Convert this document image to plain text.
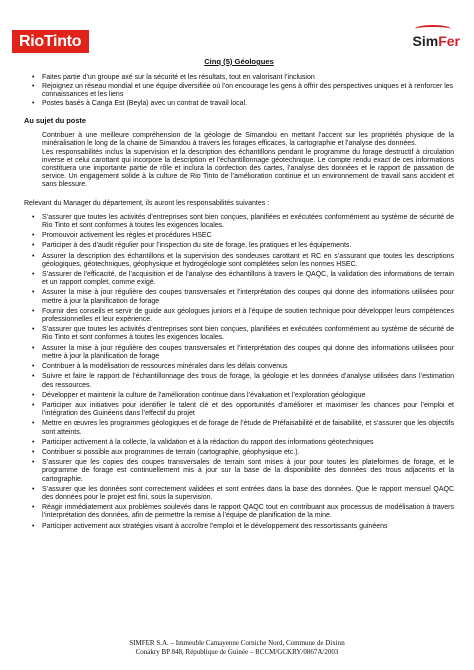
RioTinto	SimFer
Cinq (5) Géologues
• Faites partie d’un groupe axé sur la sécurité et les résultats, tout en valorisant l’inclusion
• Rejoignez un réseau mondial et une équipe diversifiée où l’on encourage les gens à offrir des perspectives uniques et à renforcer les connaissances et les liens
• Postes basés à Canga Est (Beyla) avec un contrat de travail local.
Au sujet du poste
Contribuer à une meilleure compréhension de la géologie de Simandou en mettant l’accent sur les propriétés physique de la minéralisation le long de la chaine de Simandou à travers les forages efficaces, la cartographie et l’analyse des données.
Les responsabilités inclus la supervision et la description des échantillons pendant le programme du forage destructif à circulation inverse et celui carottant qui incorpore la description et l’échantillonnage géotechnique. Le compte rendu exact de ces informations constituera une importante partie de rôle et inclura la confection des cartes, l’analyse des données et le rapport de passation de service. Un engagement solide à la culture de Rio Tinto de l’amélioration continue et un environnement de travail sans accident et sans blessure.
Relevant du Manager du département, ils auront les responsabilités suivantes :
• S’assurer que toutes les activités d’entreprises sont bien conçues, planifiées et exécutées conformément au système de sécurité de Rio Tinto et sont conformes à toutes les exigences locales.
• Promouvoir activement les règles et procédures HSEC
• Participer à des d’audit régulier pour l’inspection du site de forage, les pratiques et les équipements.
• Assurer la description des échantillons et la supervision des sondeuses carottant et RC en s’assurant que toutes les descriptions géologiques, géotechniques, géophysique et hydrogéologie sont complétées selon les normes HSEC.
• S’assurer de l’efficacité, de l’acquisition et de l’analyse des échantillons à travers le QAQC, la validation des informations de terrain et un rapport complet, comme exigé.
• Assurer la mise à jour régulière des coupes transversales et l’interprétation des coupes qui donne des informations utilisées pour mettre à jour la planification de forage
• Fournir des conseils et servir de guide aux géologues juniors et à l’équipe de soutien technique pour développer leurs compétences professionnelles et leur expérience.
• S’assurer que toutes les activités d’entreprises sont bien conçues, planifiées et exécutées conformément au système de sécurité de Rio Tinto et sont conformes à toutes les exigences locales.
• Assurer la mise à jour régulière des coupes transversales et l’interprétation des coupes qui donne des informations utilisées pour mettre à jour la planification de forage
• Contribuer à la modélisation de ressources minérales dans les délais convenus
• Suivre et faire le rapport de l’échantillonnage des trous de forage, la géologie et les données d’analyse utilisées dans l’estimation des ressources.
• Développer et maintenir la culture de l’amélioration continue dans l’évaluation et l’exploration géologique
• Participer aux initiatives pour identifier le talent clé et des opportunités d’améliorer et maximiser les chances pour l’emploi et l’intégration des Guinéens dans l’effectif du projet
• Mettre en œuvres les programmes géologiques et de forage de l’étude de Préfaisabilité et de faisabilité, et s’assurer que les objectifs sont atteints.
• Participer activement à la collecte, la validation et à la rédaction du rapport des informations géotechniques
• Contribuer si possible aux programmes de terrain (cartographie, géophysique etc.).
• S’assurer que les copies des coupes transversales de terrain sont mises à jour pour toutes les plateformes de forage, et le programme de forage est continuellement mis à jour sur la base de la disponibilité des données des trous adjacents et la cartographie.
• S’assurer que les données sont correctement validées et sont entrées dans la base des données. Que le rapport mensuel QAQC des données pour le projet est fini, sous la supervision.
• Réagir immédiatement aux problèmes soulevés dans le rapport QAQC tout en contribuant aux processus de modélisation à travers l’interprétation des données, afin de permettre la remise à l’équipe de planification de la mine.
• Participer activement aux stratégies visant à accroître l’emploi et le développement des ressortissants guinéens
SIMFER S.A. – Immeuble Camayenne Corniche Nord, Commune de Dixinn
Conakry BP 848, République de Guinée – RCCM/GCKRY/0867A/2003
